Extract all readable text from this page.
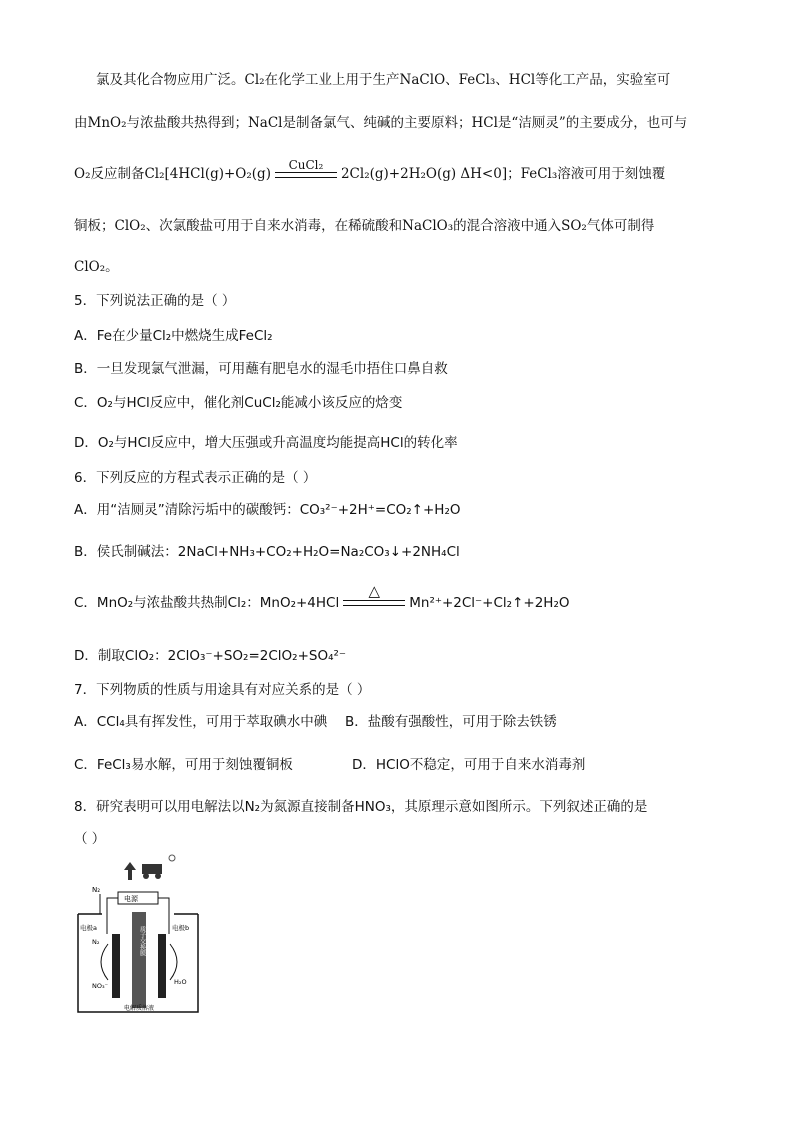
氯及其化合物应用广泛。Cl₂在化学工业上用于生产NaClO、FeCl₃、HCl等化工产品，实验室可
由MnO₂与浓盐酸共热得到；NaCl是制备氯气、纯碱的主要原料；HCl是“洁厕灵”的主要成分，也可与
O₂反应制备Cl₂[4HCl(g)+O₂(g)
CuCl₂
2Cl₂(g)+2H₂O(g) ΔH<0]；FeCl₃溶液可用于刻蚀覆
铜板；ClO₂、次氯酸盐可用于自来水消毒，在稀硫酸和NaClO₃的混合溶液中通入SO₂气体可制得
ClO₂。
5．下列说法正确的是（ ）
A．Fe在少量Cl₂中燃烧生成FeCl₂
B．一旦发现氯气泄漏，可用蘸有肥皂水的湿毛巾捂住口鼻自救
C．O₂与HCl反应中，催化剂CuCl₂能减小该反应的焓变
D．O₂与HCl反应中，增大压强或升高温度均能提高HCl的转化率
6．下列反应的方程式表示正确的是（ ）
A．用“洁厕灵”清除污垢中的碳酸钙：CO₃²⁻+2H⁺=CO₂↑+H₂O
B．侯氏制碱法：2NaCl+NH₃+CO₂+H₂O=Na₂CO₃↓+2NH₄Cl
C．MnO₂与浓盐酸共热制Cl₂：MnO₂+4HCl
△
Mn²⁺+2Cl⁻+Cl₂↑+2H₂O
D．制取ClO₂：2ClO₃⁻+SO₂=2ClO₂+SO₄²⁻
7．下列物质的性质与用途具有对应关系的是（ ）
A．CCl₄具有挥发性，可用于萃取碘水中碘 B．盐酸有强酸性，可用于除去铁锈
C．FeCl₃易水解，可用于刻蚀覆铜板	D．HClO不稳定，可用于自来水消毒剂
8．研究表明可以用电解法以N₂为氮源直接制备HNO₃，其原理示意如图所示。下列叙述正确的是
（ ）
电源
N₂
电极a	电极b
N₂
NO₃⁻	H₂O
质子交换膜
电解质溶液
